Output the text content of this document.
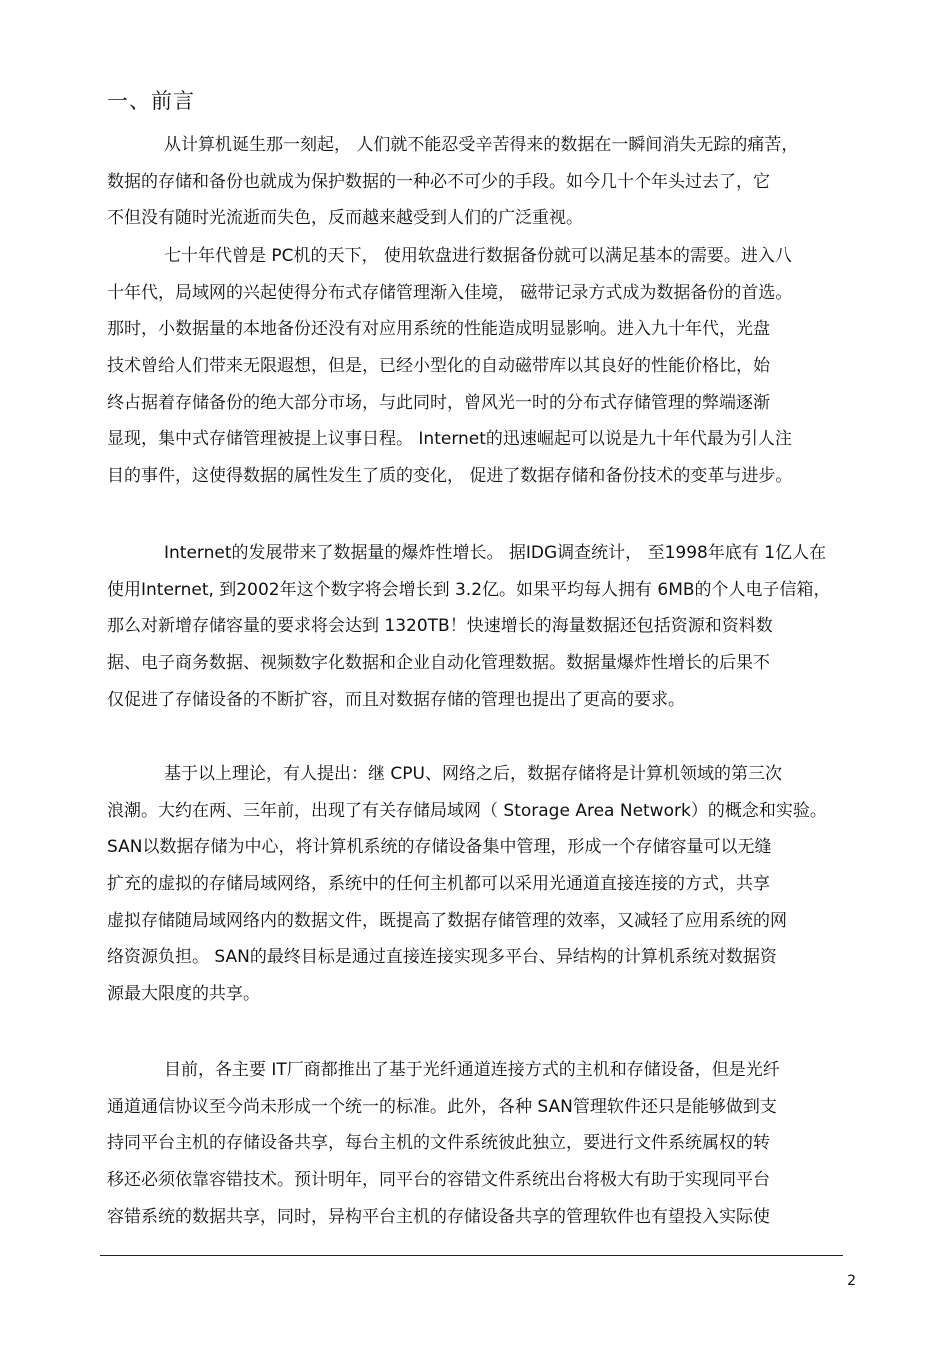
一、前言
从计算机诞生那一刻起， 人们就不能忍受辛苦得来的数据在一瞬间消失无踪的痛苦，
数据的存储和备份也就成为保护数据的一种必不可少的手段。如今几十个年头过去了，它
不但没有随时光流逝而失色，反而越来越受到人们的广泛重视。
七十年代曾是 PC机的天下， 使用软盘进行数据备份就可以满足基本的需要。进入八
十年代，局域网的兴起使得分布式存储管理渐入佳境， 磁带记录方式成为数据备份的首选。
那时，小数据量的本地备份还没有对应用系统的性能造成明显影响。进入九十年代，光盘
技术曾给人们带来无限遐想，但是，已经小型化的自动磁带库以其良好的性能价格比，始
终占据着存储备份的绝大部分市场，与此同时，曾风光一时的分布式存储管理的弊端逐渐
显现，集中式存储管理被提上议事日程。 Internet的迅速崛起可以说是九十年代最为引人注
目的事件，这使得数据的属性发生了质的变化， 促进了数据存储和备份技术的变革与进步。
Internet的发展带来了数据量的爆炸性增长。 据IDG调查统计， 至1998年底有 1亿人在
使用Internet, 到2002年这个数字将会增长到 3.2亿。如果平均每人拥有 6MB的个人电子信箱，
那么对新增存储容量的要求将会达到 1320TB！快速增长的海量数据还包括资源和资料数
据、电子商务数据、视频数字化数据和企业自动化管理数据。数据量爆炸性增长的后果不
仅促进了存储设备的不断扩容，而且对数据存储的管理也提出了更高的要求。
基于以上理论，有人提出：继 CPU、网络之后，数据存储将是计算机领域的第三次
浪潮。大约在两、三年前，出现了有关存储局域网（ Storage Area Network）的概念和实验。
SAN以数据存储为中心，将计算机系统的存储设备集中管理，形成一个存储容量可以无缝
扩充的虚拟的存储局域网络，系统中的任何主机都可以采用光通道直接连接的方式，共享
虚拟存储随局域网络内的数据文件，既提高了数据存储管理的效率，又减轻了应用系统的网
络资源负担。 SAN的最终目标是通过直接连接实现多平台、异结构的计算机系统对数据资
源最大限度的共享。
目前，各主要 IT厂商都推出了基于光纤通道连接方式的主机和存储设备，但是光纤
通道通信协议至今尚未形成一个统一的标准。此外，各种 SAN管理软件还只是能够做到支
持同平台主机的存储设备共享，每台主机的文件系统彼此独立，要进行文件系统属权的转
移还必须依靠容错技术。预计明年，同平台的容错文件系统出台将极大有助于实现同平台
容错系统的数据共享，同时，异构平台主机的存储设备共享的管理软件也有望投入实际使
2
